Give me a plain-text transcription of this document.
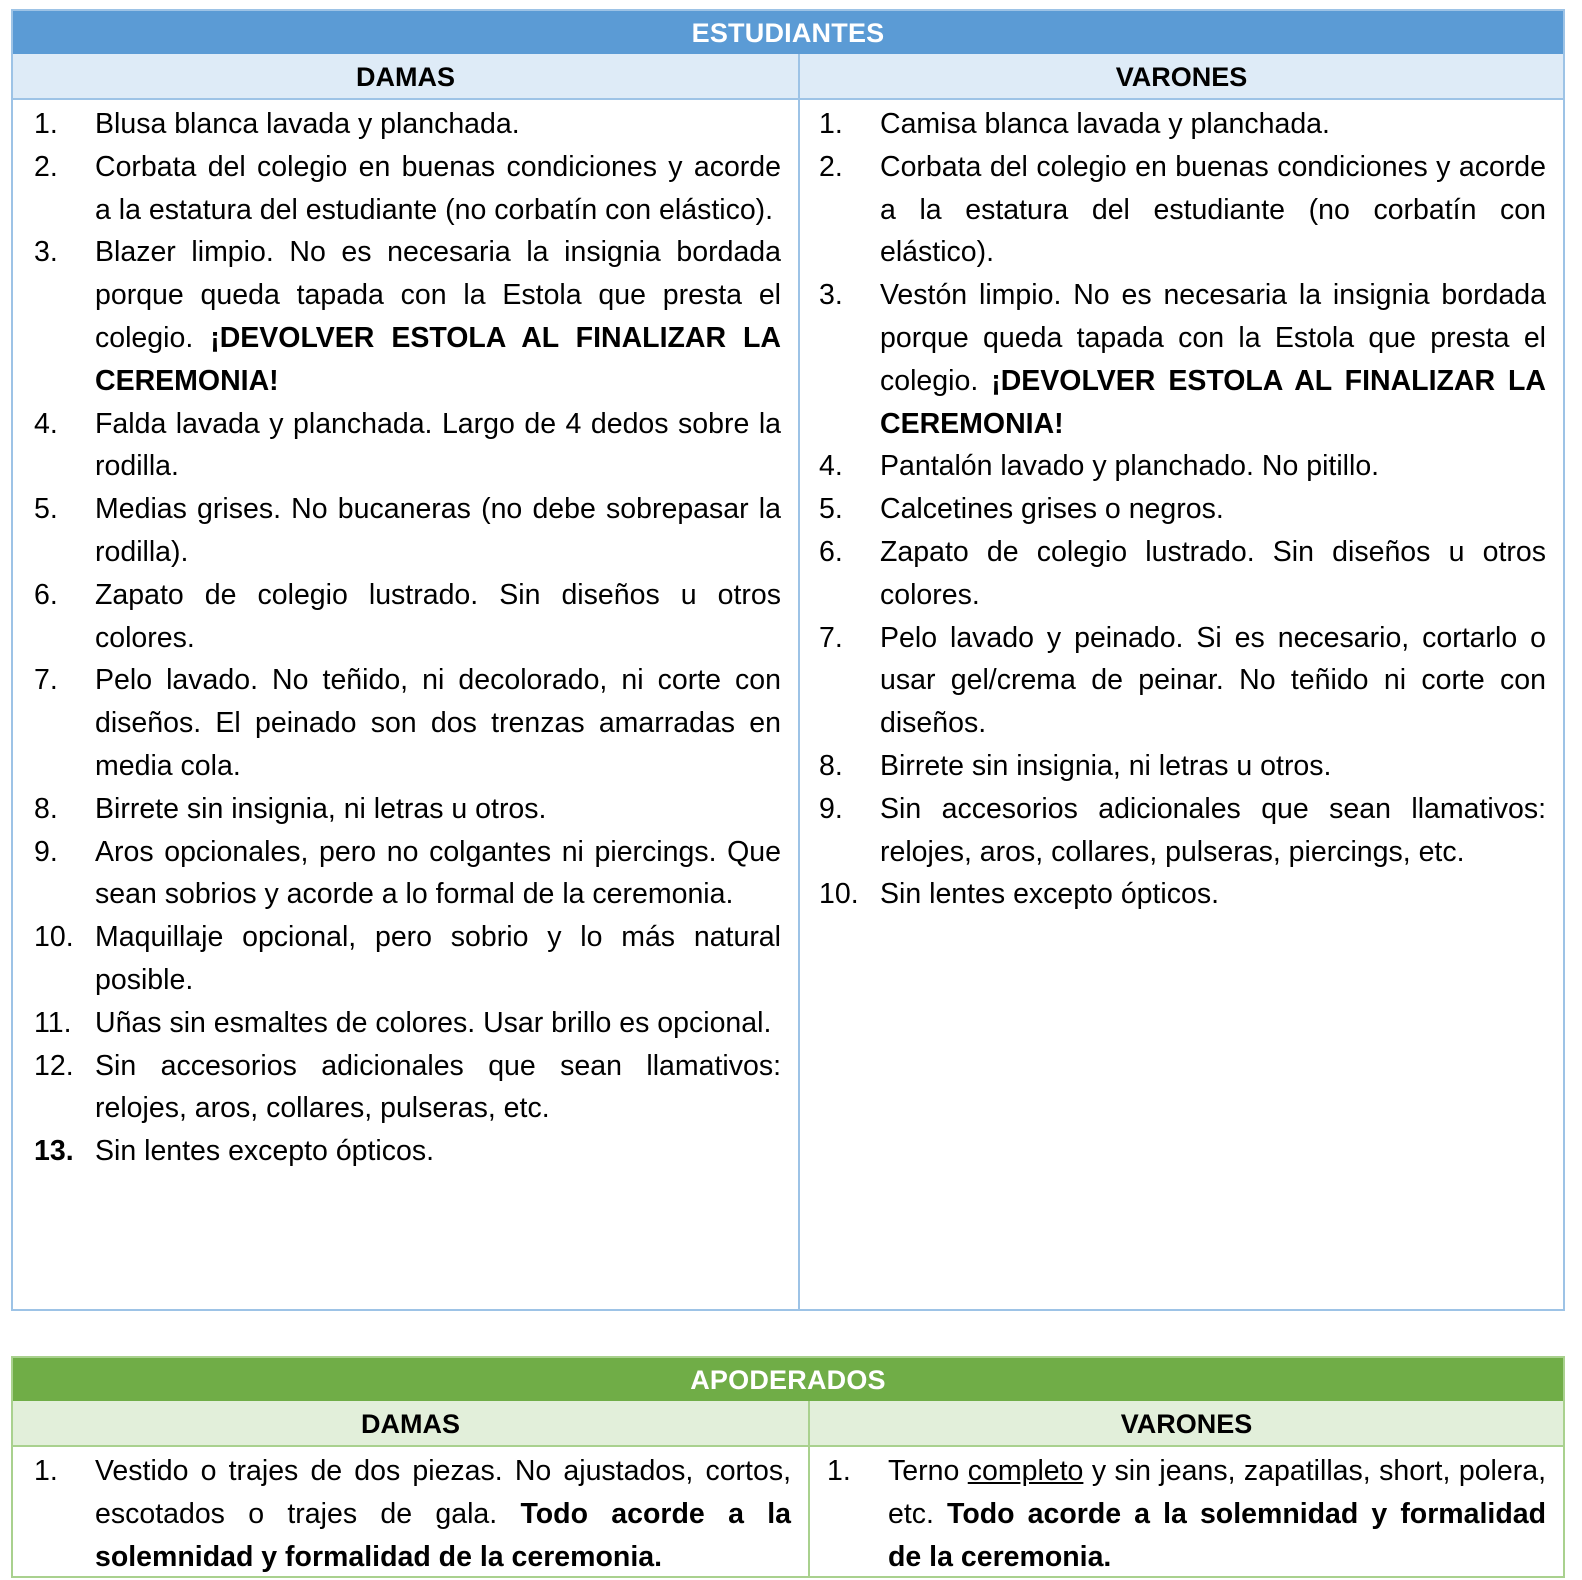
ESTUDIANTES
DAMAS	VARONES
1.	Blusa blanca lavada y planchada.
2.	Corbata del colegio en buenas condiciones y acorde a la estatura del estudiante (no corbatín con elástico).
3.	Blazer limpio. No es necesaria la insignia bordada porque queda tapada con la Estola que presta el colegio. ¡DEVOLVER ESTOLA AL FINALIZAR LA CEREMONIA!
4.	Falda lavada y planchada. Largo de 4 dedos sobre la rodilla.
5.	Medias grises. No bucaneras (no debe sobrepasar la rodilla).
6.	Zapato de colegio lustrado. Sin diseños u otros colores.
7.	Pelo lavado. No teñido, ni decolorado, ni corte con diseños. El peinado son dos trenzas amarradas en media cola.
8.	Birrete sin insignia, ni letras u otros.
9.	Aros opcionales, pero no colgantes ni piercings. Que sean sobrios y acorde a lo formal de la ceremonia.
10. Maquillaje opcional, pero sobrio y lo más natural posible.
11. Uñas sin esmaltes de colores. Usar brillo es opcional.
12. Sin accesorios adicionales que sean llamativos: relojes, aros, collares, pulseras, etc.
13. Sin lentes excepto ópticos.
1.	Camisa blanca lavada y planchada.
2.	Corbata del colegio en buenas condiciones y acorde a la estatura del estudiante (no corbatín con elástico).
3.	Vestón limpio. No es necesaria la insignia bordada porque queda tapada con la Estola que presta el colegio. ¡DEVOLVER ESTOLA AL FINALIZAR LA CEREMONIA!
4.	Pantalón lavado y planchado. No pitillo.
5.	Calcetines grises o negros.
6.	Zapato de colegio lustrado. Sin diseños u otros colores.
7.	Pelo lavado y peinado. Si es necesario, cortarlo o usar gel/crema de peinar. No teñido ni corte con diseños.
8.	Birrete sin insignia, ni letras u otros.
9.	Sin accesorios adicionales que sean llamativos: relojes, aros, collares, pulseras, piercings, etc.
10. Sin lentes excepto ópticos.
APODERADOS
DAMAS	VARONES
1.	Vestido o trajes de dos piezas. No ajustados, cortos, escotados o trajes de gala. Todo acorde a la solemnidad y formalidad de la ceremonia.
1.	Terno completo y sin jeans, zapatillas, short, polera, etc. Todo acorde a la solemnidad y formalidad de la ceremonia.
